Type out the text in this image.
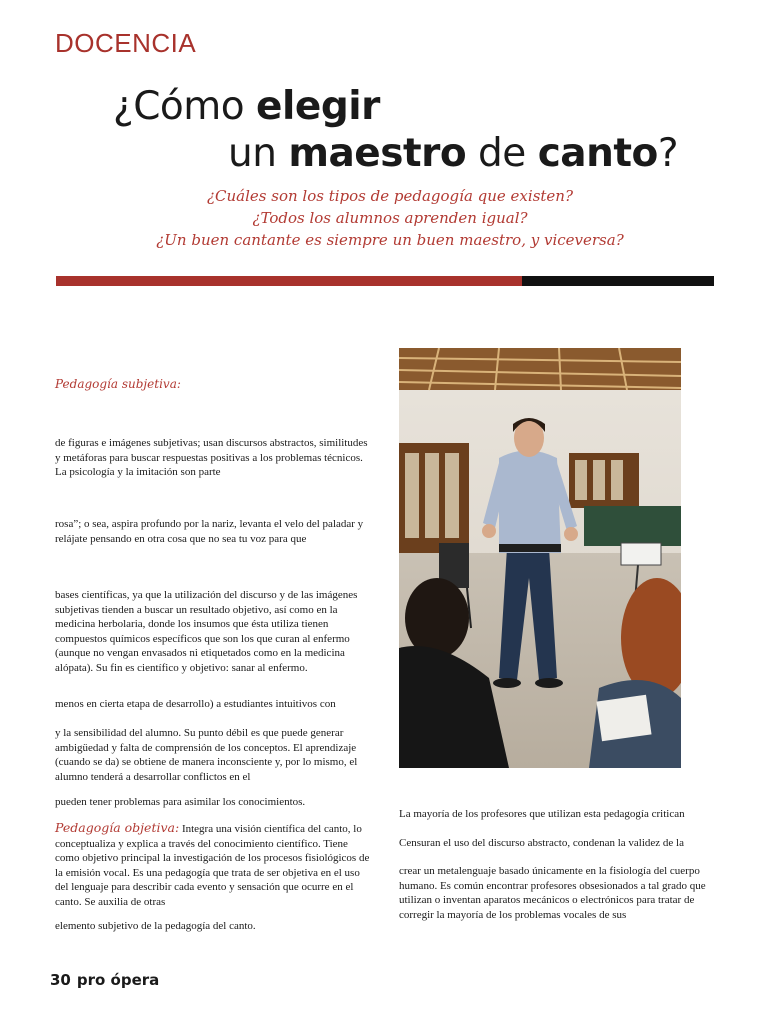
DOCENCIA
¿Cómo elegir
un maestro de canto?
¿Cuáles son los tipos de pedagogía que existen?
¿Todos los alumnos aprenden igual?
¿Un buen cantante es siempre un buen maestro, y viceversa?
Pedagogía subjetiva:

de figuras e imágenes subjetivas; usan discursos abstractos, similitudes y metáforas para buscar respuestas positivas a los problemas técnicos. La psicología y la imitación son parte

rosa”; o sea, aspira profundo por la nariz, levanta el velo del paladar y relájate pensando en otra cosa que no sea tu voz para que

bases científicas, ya que la utilización del discurso y de las imágenes subjetivas tienden a buscar un resultado objetivo, así como en la medicina herbolaria, donde los insumos que ésta utiliza tienen compuestos químicos específicos que son los que curan al enfermo (aunque no vengan envasados ni etiquetados como en la medicina alópata). Su fin es científico y objetivo: sanar al enfermo.

menos en cierta etapa de desarrollo) a estudiantes intuitivos con

y la sensibilidad del alumno. Su punto débil es que puede generar ambigüedad y falta de comprensión de los conceptos. El aprendizaje (cuando se da) se obtiene de manera inconsciente y, por lo mismo, el alumno tenderá a desarrollar conflictos en el

pueden tener problemas para asimilar los conocimientos.

Pedagogía objetiva: Integra una visión científica del canto, lo conceptualiza y explica a través del conocimiento científico. Tiene como objetivo principal la investigación de los procesos fisiológicos de la emisión vocal. Es una pedagogía que trata de ser objetiva en el uso del lenguaje para describir cada evento y sensación que ocurre en el canto. Se auxilia de otras

elemento subjetivo de la pedagogía del canto.

La mayoría de los profesores que utilizan esta pedagogía critican

Censuran el uso del discurso abstracto, condenan la validez de la

crear un metalenguaje basado únicamente en la fisiología del cuerpo humano. Es común encontrar profesores obsesionados a tal grado que utilizan o inventan aparatos mecánicos o electrónicos para tratar de corregir la mayoría de los problemas vocales de sus

30 pro ópera
